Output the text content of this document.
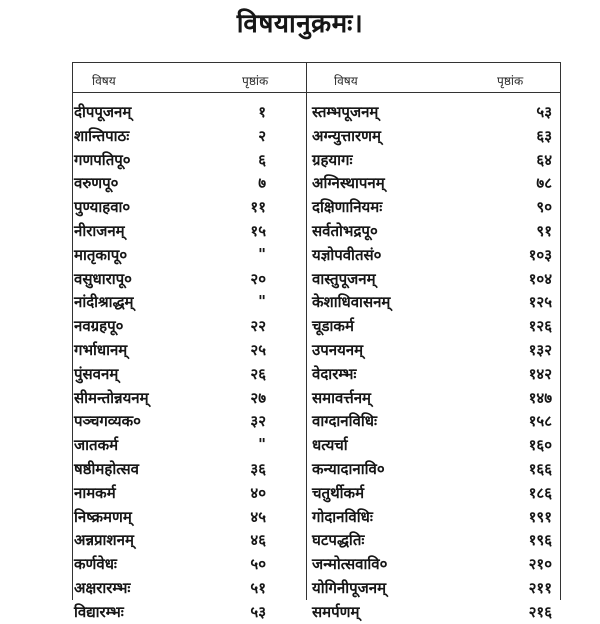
विषयानुक्रमः।
विषय	पृष्ठांक	विषय	पृष्ठांक
दीपपूजनम्	१
शान्तिपाठः	२
गणपतिपू०	६
वरुणपू०	७
पुण्याहवा०	११
नीराजनम्	१५
मातृकापू०	"
वसुधारापू०	२०
नांदीश्राद्धम्	"
नवग्रहपू०	२२
गर्भाधानम्	२५
पुंसवनम्	२६
सीमन्तोन्नयनम्	२७
पञ्चगव्यक०	३२
जातकर्म	"
षष्ठीमहोत्सव	३६
नामकर्म	४०
निष्क्रमणम्	४५
अन्नप्राशनम्	४६
कर्णवेधः	५०
अक्षरारम्भः	५१
विद्यारम्भः	५३
स्तम्भपूजनम्	५३
अग्न्युत्तारणम्	६३
ग्रहयागः	६४
अग्निस्थापनम्	७८
दक्षिणानियमः	९०
सर्वतोभद्रपू०	९१
यज्ञोपवीतसं०	१०३
वास्तुपूजनम्	१०४
केशाधिवासनम्	१२५
चूडाकर्म	१२६
उपनयनम्	१३२
वेदारम्भः	१४२
समावर्त्तनम्	१४७
वाग्दानविधिः	१५८
धत्यर्चा	१६०
कन्यादानावि०	१६६
चतुर्थीकर्म	१८६
गोदानविधिः	१९१
घटपद्धतिः	१९६
जन्मोत्सवावि०	२१०
योगिनीपूजनम्	२११
समर्पणम्	२१६
